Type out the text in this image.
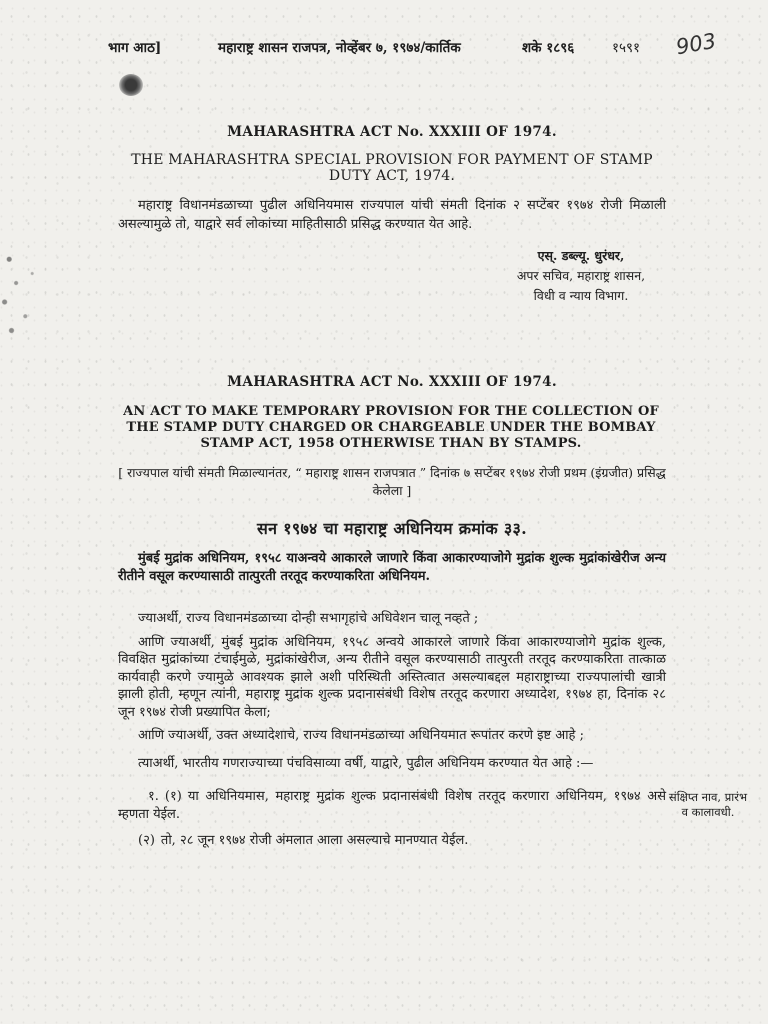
भाग आठ]	महाराष्ट्र शासन राजपत्र, नोव्हेंबर ७, १९७४/कार्तिक	शके १८९६	१५९१ 903
MAHARASHTRA ACT No. XXXIII OF 1974.
THE MAHARASHTRA SPECIAL PROVISION FOR PAYMENT OF STAMP
DUTY ACT, 1974.

महाराष्ट्र विधानमंडळाच्या पुढील अधिनियमास राज्यपाल यांची संमती दिनांक २ सप्टेंबर १९७४ रोजी मिळाली असल्यामुळे तो, याद्वारे सर्व लोकांच्या माहितीसाठी प्रसिद्ध करण्यात येत आहे.

एस्. डब्ल्यू. धुरंधर,
अपर सचिव, महाराष्ट्र शासन,
विधी व न्याय विभाग.
MAHARASHTRA ACT No. XXXIII OF 1974.
AN ACT TO MAKE TEMPORARY PROVISION FOR THE COLLECTION OF
THE STAMP DUTY CHARGED OR CHARGEABLE UNDER THE BOMBAY
STAMP ACT, 1958 OTHERWISE THAN BY STAMPS.

[ राज्यपाल यांची संमती मिळाल्यानंतर, “ महाराष्ट्र शासन राजपत्रात ” दिनांक ७ सप्टेंबर १९७४ रोजी प्रथम (इंग्रजीत) प्रसिद्ध केलेला ]

सन १९७४ चा महाराष्ट्र अधिनियम क्रमांक ३३.

मुंबई मुद्रांक अधिनियम, १९५८ याअन्वये आकारले जाणारे किंवा आकारण्याजोगे मुद्रांक शुल्क मुद्रांकांखेरीज अन्य रीतीने वसूल करण्यासाठी तात्पुरती तरतूद करण्याकरिता अधिनियम.

ज्याअर्थी, राज्य विधानमंडळाच्या दोन्ही सभागृहांचे अधिवेशन चालू नव्हते ;

आणि ज्याअर्थी, मुंबई मुद्रांक अधिनियम, १९५८ अन्वये आकारले जाणारे किंवा आकारण्याजोगे मुद्रांक शुल्क, विवक्षित मुद्रांकांच्या टंचाईमुळे, मुद्रांकांखेरीज, अन्य रीतीने वसूल करण्यासाठी तात्पुरती तरतूद करण्याकरिता तात्काळ कार्यवाही करणे ज्यामुळे आवश्यक झाले अशी परिस्थिती अस्तित्वात असल्याबद्दल महाराष्ट्राच्या राज्यपालांची खात्री झाली होती, म्हणून त्यांनी, महाराष्ट्र मुद्रांक शुल्क प्रदानासंबंधी विशेष तरतूद करणारा अध्यादेश, १९७४ हा, दिनांक २८ जून १९७४ रोजी प्रख्यापित केला;

आणि ज्याअर्थी, उक्त अध्यादेशाचे, राज्य विधानमंडळाच्या अधिनियमात रूपांतर करणे इष्ट आहे ;

त्याअर्थी, भारतीय गणराज्याच्या पंचविसाव्या वर्षी, याद्वारे, पुढील अधिनियम करण्यात येत आहे :—

१. (१) या अधिनियमास, महाराष्ट्र मुद्रांक शुल्क प्रदानासंबंधी विशेष तरतूद करणारा अधिनियम, १९७४ असे म्हणता येईल.

संक्षिप्त नाव, प्रारंभ व कालावधी.

(२) तो, २८ जून १९७४ रोजी अंमलात आला असल्याचे मानण्यात येईल.
